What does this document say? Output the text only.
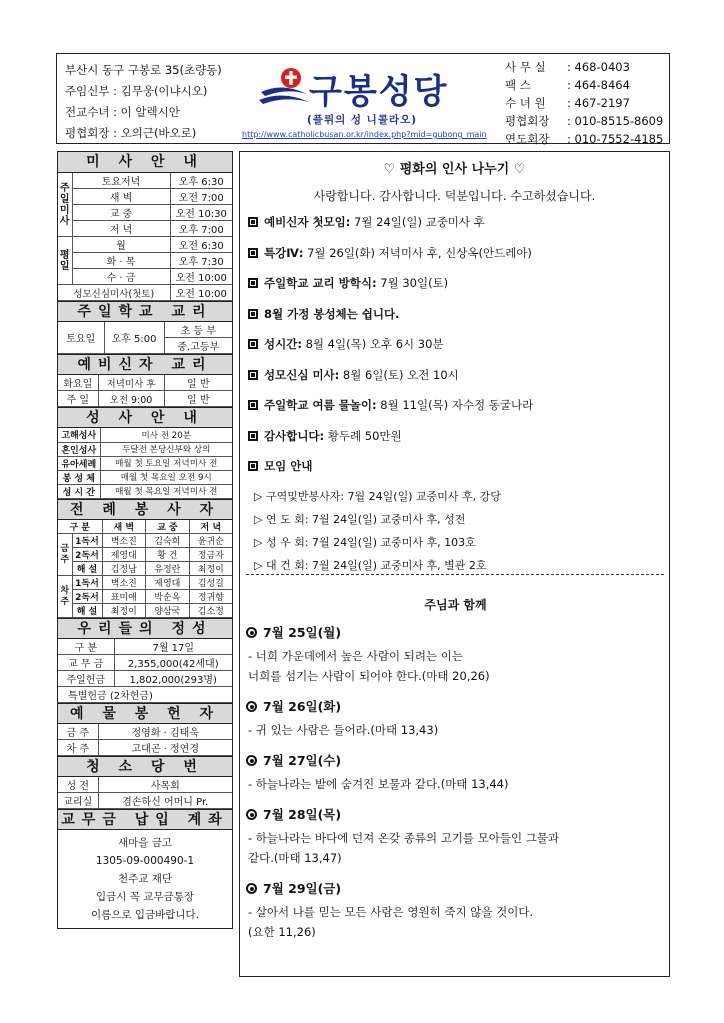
부산시 동구 구봉로 35(초량동)
주임신부 : 김무웅(이냐시오)
전교수녀 : 이 알렉시안
평협회장 : 오의근(바오로)
구봉성당
(플뤼의 성 니콜라오)
http://www.catholicbusan.or.kr/index.php?mid=gubong_main
사 무 실	: 468-0403
팩 스	: 464-8464
수 녀 원	: 467-2197
평협회장	: 010-8515-8609
연도회장	: 010-7552-4185
미 사 안 내
주일미사	토요저녁	오후 6:30
	새 벽	오전 7:00
	교 중	오전 10:30
	저 녁	오후 7:00
평일	월	오전 6:30
	화 · 목	오후 7:30
	수 · 금	오전 10:00
성모신심미사(첫토)		오전 10:00
주일학교 교리
토요일	오후 5:00	초 등 부
중.고등부
예비신자 교리
화요일	저녁미사 후	일 반
주 일	오전 9:00	일 반
성 사 안 내
고해성사	미사 전 20분
혼인성사	두달전 본당신부와 상의
유아세례	매월 첫 토요일 저녁미사 전
봉 성 체	매월 첫 목요일 오전 9시
성 시 간	매월 첫 목요일 저녁미사 전
전 례 봉 사 자
구 분		새 벽	교 중	저 녁
금주	1독서	벽소진	김숙희	윤귀순
	2독서	제영대	황 건	정금자
	해 설	김정남	유정란	최정이
차주	1독서	벽소진	제영대	김성길
	2독서	표미애	박순옥	정귀향
	해 설	최정이	양삼국	김소정
우리들의 정성
구 분	7월 17일
교 무 금	2,355,000(42세대)
주일헌금	1,802,000(293명)
특별헌금 (2차헌금)	
예 물 봉 헌 자
금 주	정영화 · 김태욱
차 주	고대곤 · 정연경
청 소 당 번
성 전	사목회
교리실	겸손하신 어머니 Pr.
교무금 납입 계좌
새마을 금고
1305-09-000490-1
천주교 재단
입금시 꼭 교무금통장
이름으로 입금바랍니다.
♡ 평화의 인사 나누기 ♡
사랑합니다. 감사합니다. 덕분입니다. 수고하셨습니다.
예비신자 첫모임: 7월 24일(일) 교중미사 후
특강Ⅳ: 7월 26일(화) 저녁미사 후, 신상옥(안드레아)
주일학교 교리 방학식: 7월 30일(토)
8월 가정 봉성체는 쉽니다.
성시간: 8월 4일(목) 오후 6시 30분
성모신심 미사: 8월 6일(토) 오전 10시
주일학교 여름 물놀이: 8월 11일(목) 자수정 동굴나라
감사합니다: 황두례 50만원
모임 안내
▷ 구역및반봉사자: 7월 24일(일) 교중미사 후, 강당
▷ 연 도 회: 7월 24일(일) 교중미사 후, 성전
▷ 성 우 회: 7월 24일(일) 교중미사 후, 103호
▷ 대 건 회: 7월 24일(일) 교중미사 후, 별관 2호
주님과 함께
7월 25일(월)
- 너희 가운데에서 높은 사람이 되려는 이는
너희를 섬기는 사람이 되어야 한다.(마태 20,26)
7월 26일(화)
- 귀 있는 사람은 들어라.(마태 13,43)
7월 27일(수)
- 하늘나라는 밭에 숨겨진 보물과 같다.(마태 13,44)
7월 28일(목)
- 하늘나라는 바다에 던져 온갖 종류의 고기를 모아들인 그물과
같다.(마태 13,47)
7월 29일(금)
- 살아서 나를 믿는 모든 사람은 영원히 죽지 않을 것이다.
(요한 11,26)
